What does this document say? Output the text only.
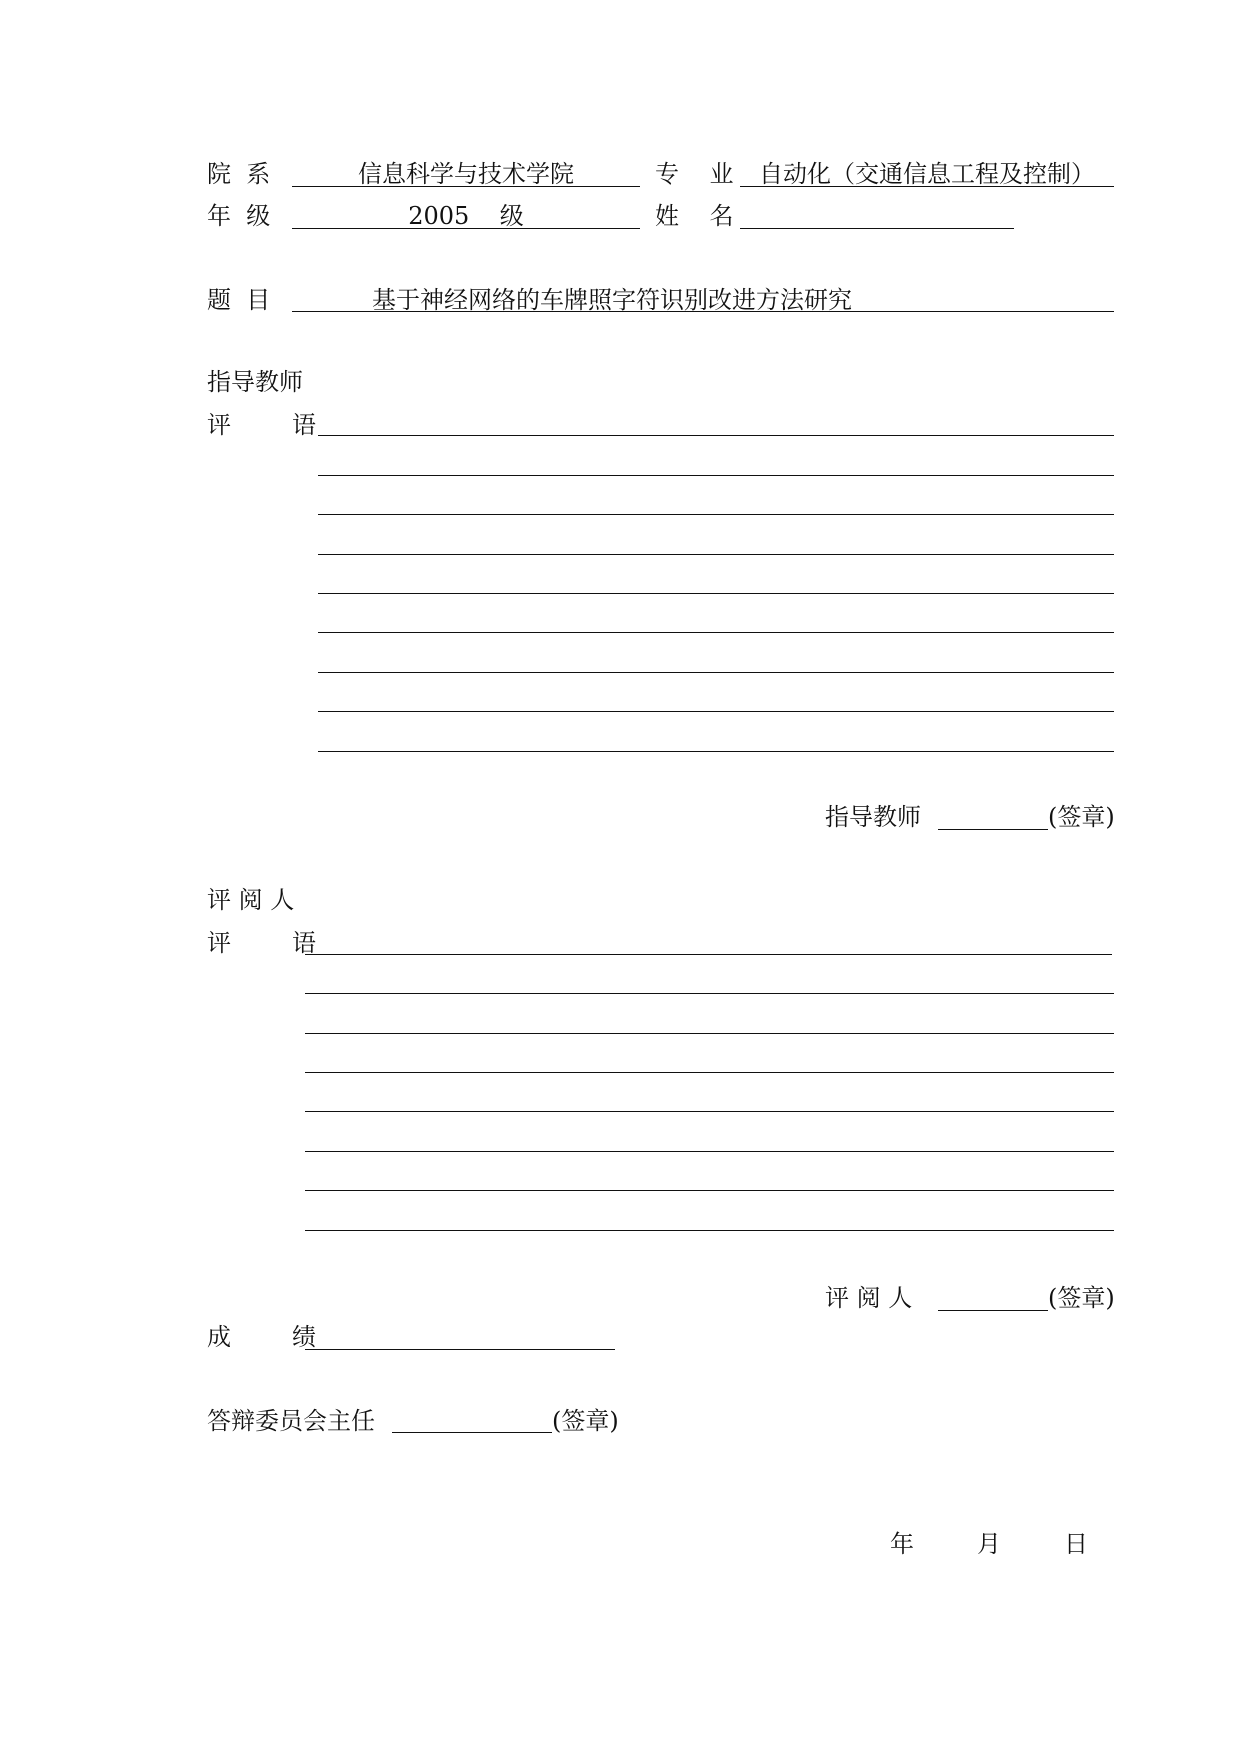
院  系	信息科学与技术学院	专    业	自动化（交通信息工程及控制）
年  级	2005    级	姓    名
题  目	基于神经网络的车牌照字符识别改进方法研究
指导教师
评        语
指导教师	(签章)
评 阅 人
评        语
评 阅 人	(签章)
成        绩
答辩委员会主任	(签章)
年	月	日
